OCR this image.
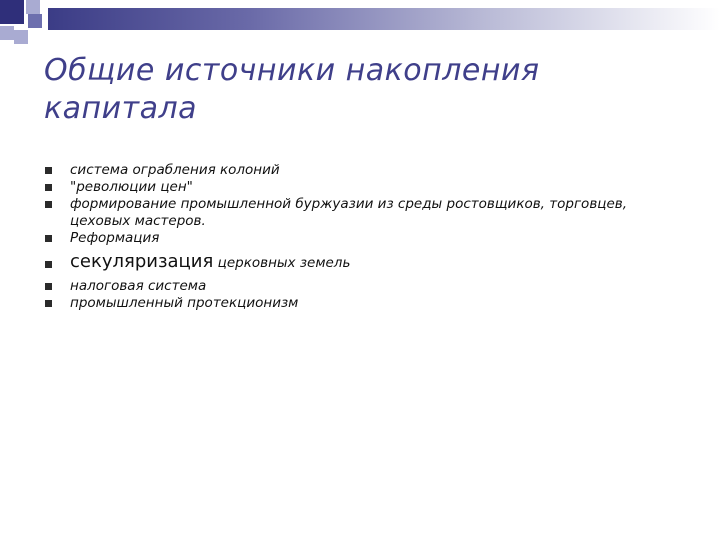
Общие источники накопления
капитала
система ограбления колоний
"революции цен"
формирование промышленной буржуазии из среды ростовщиков, торговцев, цеховых мастеров.
Реформация
секуляризация церковных земель
налоговая система
промышленный протекционизм
